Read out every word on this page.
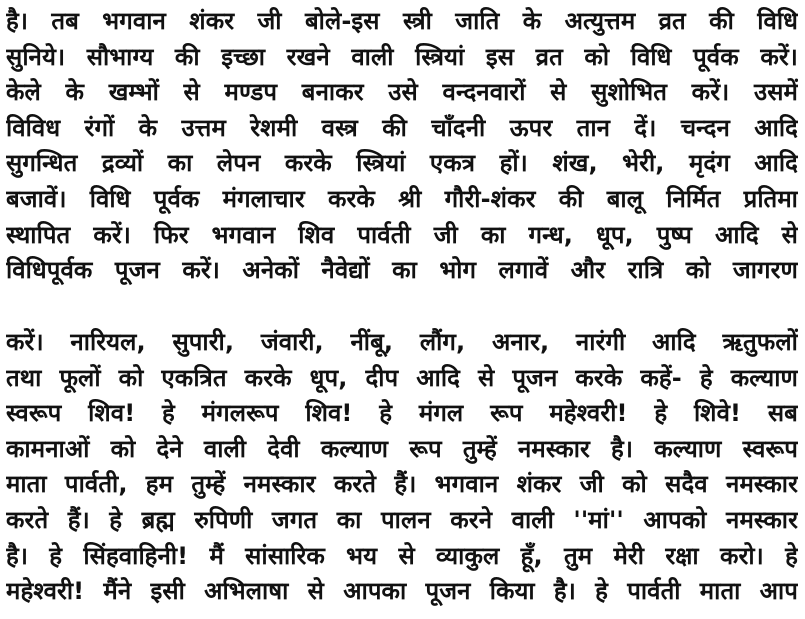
है। तब भगवान शंकर जी बोले-इस स्त्री जाति के अत्युत्तम व्रत की विधि
सुनिये। सौभाग्य की इच्छा रखने वाली स्त्रियां इस व्रत को विधि पूर्वक करें।
केले के खम्भों से मण्डप बनाकर उसे वन्दनवारों से सुशोभित करें। उसमें
विविध रंगों के उत्तम रेशमी वस्त्र की चाँदनी ऊपर तान दें। चन्दन आदि
सुगन्धित द्रव्यों का लेपन करके स्त्रियां एकत्र हों। शंख, भेरी, मृदंग आदि
बजावें। विधि पूर्वक मंगलाचार करके श्री गौरी-शंकर की बालू निर्मित प्रतिमा
स्थापित करें। फिर भगवान शिव पार्वती जी का गन्ध, धूप, पुष्प आदि से
विधिपूर्वक पूजन करें। अनेकों नैवेद्यों का भोग लगावें और रात्रि को जागरण
करें। नारियल, सुपारी, जंवारी, नींबू, लौंग, अनार, नारंगी आदि ऋतुफलों
तथा फूलों को एकत्रित करके धूप, दीप आदि से पूजन करके कहें- हे कल्याण
स्वरूप शिव! हे मंगलरूप शिव! हे मंगल रूप महेश्वरी! हे शिवे! सब
कामनाओं को देने वाली देवी कल्याण रूप तुम्हें नमस्कार है। कल्याण स्वरूप
माता पार्वती, हम तुम्हें नमस्कार करते हैं। भगवान शंकर जी को सदैव नमस्कार
करते हैं। हे ब्रह्म रुपिणी जगत का पालन करने वाली ''मां'' आपको नमस्कार
है। हे सिंहवाहिनी! मैं सांसारिक भय से व्याकुल हूँ, तुम मेरी रक्षा करो। हे
महेश्वरी! मैंने इसी अभिलाषा से आपका पूजन किया है। हे पार्वती माता आप
